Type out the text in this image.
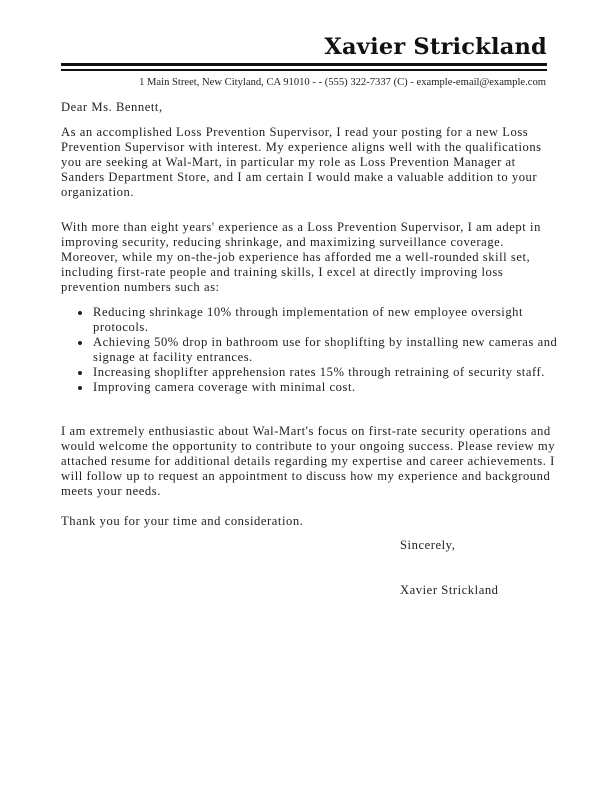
Xavier Strickland
1 Main Street, New Cityland, CA 91010 - - (555) 322-7337 (C) - example-email@example.com
Dear Ms. Bennett,
As an accomplished Loss Prevention Supervisor, I read your posting for a new Loss Prevention Supervisor with interest. My experience aligns well with the qualifications you are seeking at Wal-Mart, in particular my role as Loss Prevention Manager at Sanders Department Store, and I am certain I would make a valuable addition to your organization.
With more than eight years' experience as a Loss Prevention Supervisor, I am adept in improving security, reducing shrinkage, and maximizing surveillance coverage. Moreover, while my on-the-job experience has afforded me a well-rounded skill set, including first-rate people and training skills, I excel at directly improving loss prevention numbers such as:
Reducing shrinkage 10% through implementation of new employee oversight protocols.
Achieving 50% drop in bathroom use for shoplifting by installing new cameras and signage at facility entrances.
Increasing shoplifter apprehension rates 15% through retraining of security staff.
Improving camera coverage with minimal cost.
I am extremely enthusiastic about Wal-Mart's focus on first-rate security operations and would welcome the opportunity to contribute to your ongoing success. Please review my attached resume for additional details regarding my expertise and career achievements. I will follow up to request an appointment to discuss how my experience and background meets your needs.
Thank you for your time and consideration.
Sincerely,
Xavier Strickland
